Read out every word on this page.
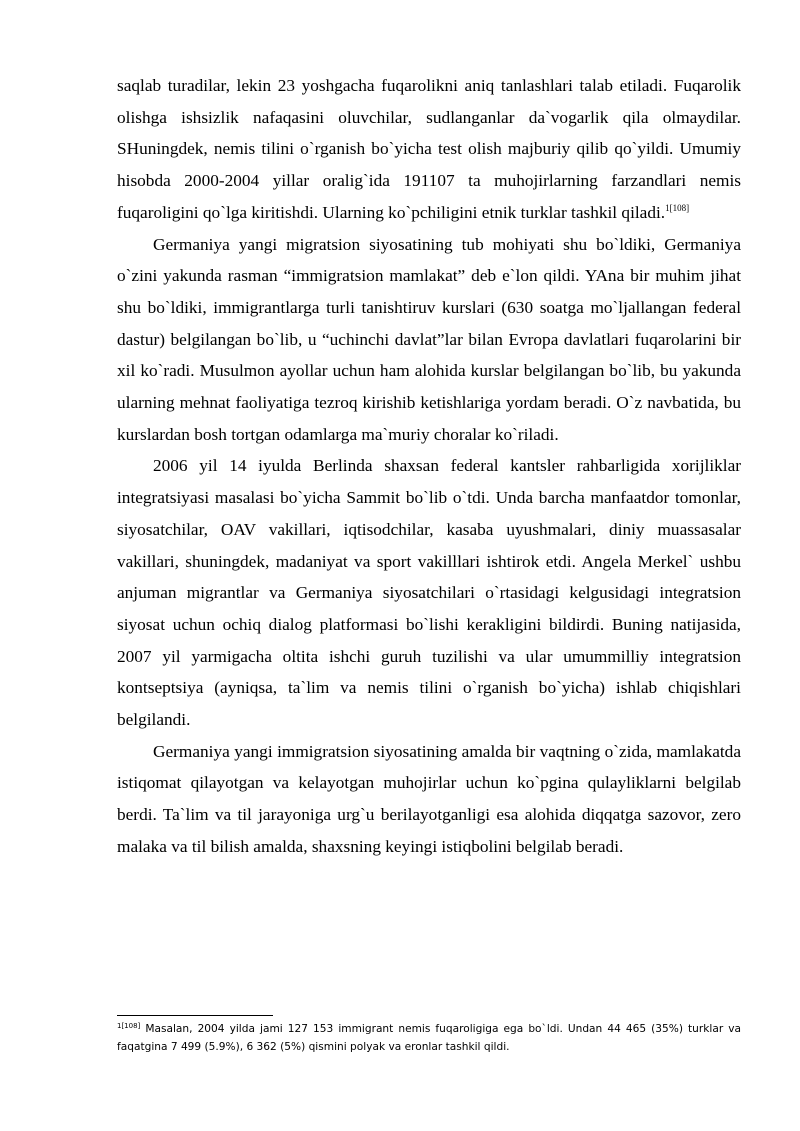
saqlab turadilar, lekin 23 yoshgacha fuqarolikni aniq tanlashlari talab etiladi. Fuqarolik olishga ishsizlik nafaqasini oluvchilar, sudlanganlar da`vogarlik qila olmaydilar. SHuningdek, nemis tilini o`rganish bo`yicha test olish majburiy qilib qo`yildi. Umumiy hisobda 2000-2004 yillar oralig`ida 191107 ta muhojirlarning farzandlari nemis fuqaroligini qo`lga kiritishdi. Ularning ko`pchiligini etnik turklar tashkil qiladi.$^{1[108]}$

Germaniya yangi migratsion siyosatining tub mohiyati shu bo`ldiki, Germaniya o`zini yakunda rasman “immigratsion mamlakat” deb e`lon qildi. YAna bir muhim jihat shu bo`ldiki, immigrantlarga turli tanishtiruv kurslari (630 soatga mo`ljallangan federal dastur) belgilangan bo`lib, u “uchinchi davlat”lar bilan Evropa davlatlari fuqarolarini bir xil ko`radi. Musulmon ayollar uchun ham alohida kurslar belgilangan bo`lib, bu yakunda ularning mehnat faoliyatiga tezroq kirishib ketishlariga yordam beradi. O`z navbatida, bu kurslardan bosh tortgan odamlarga ma`muriy choralar ko`riladi.

2006 yil 14 iyulda Berlinda shaxsan federal kantsler rahbarligida xorijliklar integratsiyasi masalasi bo`yicha Sammit bo`lib o`tdi. Unda barcha manfaatdor tomonlar, siyosatchilar, OAV vakillari, iqtisodchilar, kasaba uyushmalari, diniy muassasalar vakillari, shuningdek, madaniyat va sport vakilllari ishtirok etdi. Angela Merkel` ushbu anjuman migrantlar va Germaniya siyosatchilari o`rtasidagi kelgusidagi integratsion siyosat uchun ochiq dialog platformasi bo`lishi kerakligini bildirdi. Buning natijasida, 2007 yil yarmigacha oltita ishchi guruh tuzilishi va ular umummilliy integratsion kontseptsiya (ayniqsa, ta`lim va nemis tilini o`rganish bo`yicha) ishlab chiqishlari belgilandi.

Germaniya yangi immigratsion siyosatining amalda bir vaqtning o`zida, mamlakatda istiqomat qilayotgan va kelayotgan muhojirlar uchun ko`pgina qulayliklarni belgilab berdi. Ta`lim va til jarayoniga urg`u berilayotganligi esa alohida diqqatga sazovor, zero malaka va til bilish amalda, shaxsning keyingi istiqbolini belgilab beradi.

$^{1[108]}$ Masalan, 2004 yilda jami 127 153 immigrant nemis fuqaroligiga ega bo`ldi. Undan 44 465 (35%) turklar va faqatgina 7 499 (5.9%), 6 362 (5%) qismini polyak va eronlar tashkil qildi.
